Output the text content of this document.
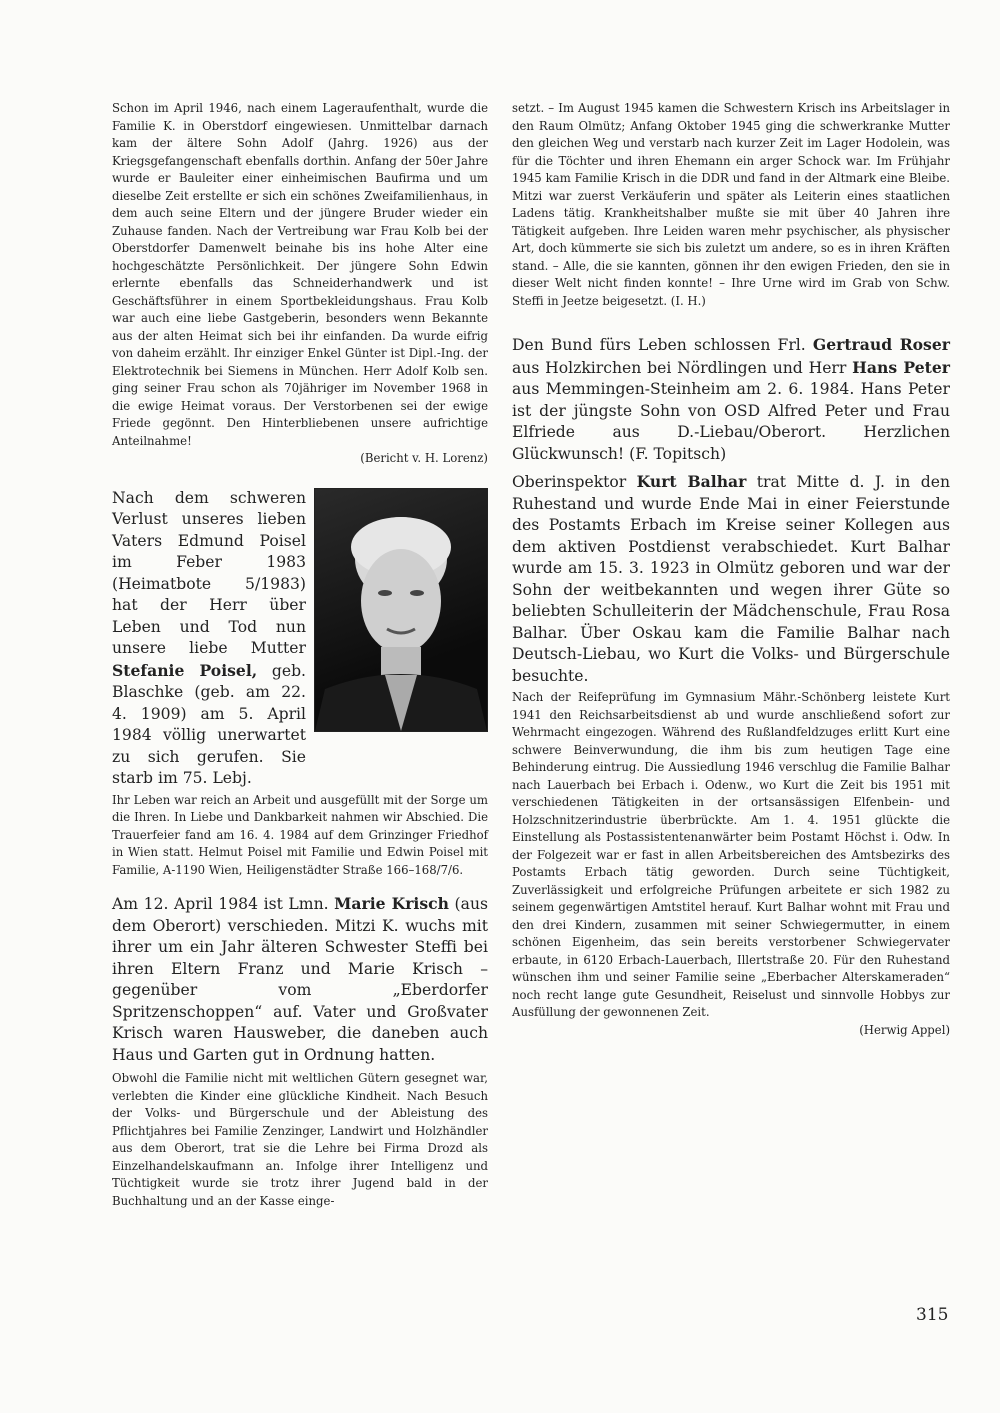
Schon im April 1946, nach einem Lageraufenthalt, wurde die Familie K. in Oberstdorf eingewiesen. Unmittelbar darnach kam der ältere Sohn Adolf (Jahrg. 1926) aus der Kriegsgefangenschaft ebenfalls dorthin. Anfang der 50er Jahre wurde er Bauleiter einer einheimischen Baufirma und um dieselbe Zeit erstellte er sich ein schönes Zweifamilienhaus, in dem auch seine Eltern und der jüngere Bruder wieder ein Zuhause fanden. Nach der Vertreibung war Frau Kolb bei der Oberstdorfer Damenwelt beinahe bis ins hohe Alter eine hochgeschätzte Persönlichkeit. Der jüngere Sohn Edwin erlernte ebenfalls das Schneiderhandwerk und ist Geschäftsführer in einem Sportbekleidungshaus. Frau Kolb war auch eine liebe Gastgeberin, besonders wenn Bekannte aus der alten Heimat sich bei ihr einfanden. Da wurde eifrig von daheim erzählt. Ihr einziger Enkel Günter ist Dipl.-Ing. der Elektrotechnik bei Siemens in München. Herr Adolf Kolb sen. ging seiner Frau schon als 70jähriger im November 1968 in die ewige Heimat voraus. Der Verstorbenen sei der ewige Friede gegönnt. Den Hinterbliebenen unsere aufrichtige Anteilnahme!

(Bericht v. H. Lorenz)

Nach dem schweren Verlust unseres lieben Vaters Edmund Poisel im Feber 1983 (Heimatbote 5/1983) hat der Herr über Leben und Tod nun unsere liebe Mutter Stefanie Poisel, geb. Blaschke (geb. am 22. 4. 1909) am 5. April 1984 völlig unerwartet zu sich gerufen. Sie starb im 75. Lebj.

Ihr Leben war reich an Arbeit und ausgefüllt mit der Sorge um die Ihren. In Liebe und Dankbarkeit nahmen wir Abschied. Die Trauerfeier fand am 16. 4. 1984 auf dem Grinzinger Friedhof in Wien statt. Helmut Poisel mit Familie und Edwin Poisel mit Familie, A-1190 Wien, Heiligenstädter Straße 166–168/7/6.

Am 12. April 1984 ist Lmn. Marie Krisch (aus dem Oberort) verschieden. Mitzi K. wuchs mit ihrer um ein Jahr älteren Schwester Steffi bei ihren Eltern Franz und Marie Krisch – gegenüber vom „Eberdorfer Spritzenschoppen“ auf. Vater und Großvater Krisch waren Hausweber, die daneben auch Haus und Garten gut in Ordnung hatten.

Obwohl die Familie nicht mit weltlichen Gütern gesegnet war, verlebten die Kinder eine glückliche Kindheit. Nach Besuch der Volks- und Bürgerschule und der Ableistung des Pflichtjahres bei Familie Zenzinger, Landwirt und Holzhändler aus dem Oberort, trat sie die Lehre bei Firma Drozd als Einzelhandelskaufmann an. Infolge ihrer Intelligenz und Tüchtigkeit wurde sie trotz ihrer Jugend bald in der Buchhaltung und an der Kasse einge-

setzt. – Im August 1945 kamen die Schwestern Krisch ins Arbeitslager in den Raum Olmütz; Anfang Oktober 1945 ging die schwerkranke Mutter den gleichen Weg und verstarb nach kurzer Zeit im Lager Hodolein, was für die Töchter und ihren Ehemann ein arger Schock war. Im Frühjahr 1945 kam Familie Krisch in die DDR und fand in der Altmark eine Bleibe. Mitzi war zuerst Verkäuferin und später als Leiterin eines staatlichen Ladens tätig. Krankheitshalber mußte sie mit über 40 Jahren ihre Tätigkeit aufgeben. Ihre Leiden waren mehr psychischer, als physischer Art, doch kümmerte sie sich bis zuletzt um andere, so es in ihren Kräften stand. – Alle, die sie kannten, gönnen ihr den ewigen Frieden, den sie in dieser Welt nicht finden konnte! – Ihre Urne wird im Grab von Schw. Steffi in Jeetze beigesetzt. (I. H.)

Den Bund fürs Leben schlossen Frl. Gertraud Roser aus Holzkirchen bei Nördlingen und Herr Hans Peter aus Memmingen-Steinheim am 2. 6. 1984. Hans Peter ist der jüngste Sohn von OSD Alfred Peter und Frau Elfriede aus D.-Liebau/Oberort. Herzlichen Glückwunsch! (F. Topitsch)

Oberinspektor Kurt Balhar trat Mitte d. J. in den Ruhestand und wurde Ende Mai in einer Feierstunde des Postamts Erbach im Kreise seiner Kollegen aus dem aktiven Postdienst verabschiedet. Kurt Balhar wurde am 15. 3. 1923 in Olmütz geboren und war der Sohn der weitbekannten und wegen ihrer Güte so beliebten Schulleiterin der Mädchenschule, Frau Rosa Balhar. Über Oskau kam die Familie Balhar nach Deutsch-Liebau, wo Kurt die Volks- und Bürgerschule besuchte.

Nach der Reifeprüfung im Gymnasium Mähr.-Schönberg leistete Kurt 1941 den Reichsarbeitsdienst ab und wurde anschließend sofort zur Wehrmacht eingezogen. Während des Rußlandfeldzuges erlitt Kurt eine schwere Beinverwundung, die ihm bis zum heutigen Tage eine Behinderung eintrug. Die Aussiedlung 1946 verschlug die Familie Balhar nach Lauerbach bei Erbach i. Odenw., wo Kurt die Zeit bis 1951 mit verschiedenen Tätigkeiten in der ortsansässigen Elfenbein- und Holzschnitzerindustrie überbrückte. Am 1. 4. 1951 glückte die Einstellung als Postassistentenanwärter beim Postamt Höchst i. Odw. In der Folgezeit war er fast in allen Arbeitsbereichen des Amtsbezirks des Postamts Erbach tätig geworden. Durch seine Tüchtigkeit, Zuverlässigkeit und erfolgreiche Prüfungen arbeitete er sich 1982 zu seinem gegenwärtigen Amtstitel herauf. Kurt Balhar wohnt mit Frau und den drei Kindern, zusammen mit seiner Schwiegermutter, in einem schönen Eigenheim, das sein bereits verstorbener Schwiegervater erbaute, in 6120 Erbach-Lauerbach, Illertstraße 20. Für den Ruhestand wünschen ihm und seiner Familie seine „Eberbacher Alterskameraden“ noch recht lange gute Gesundheit, Reiselust und sinnvolle Hobbys zur Ausfüllung der gewonnenen Zeit.

(Herwig Appel)

315
